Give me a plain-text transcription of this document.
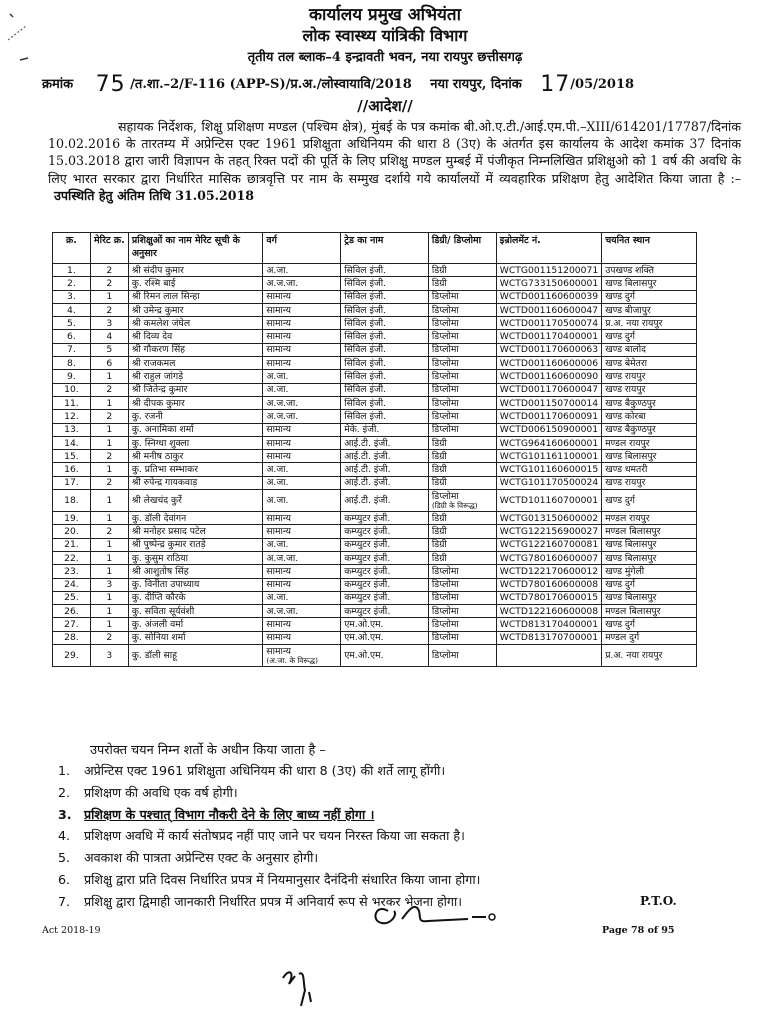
कार्यालय प्रमुख अभियंता
लोक स्वास्थ्य यांत्रिकी विभाग
तृतीय तल ब्लाक–4 इन्द्रावती भवन, नया रायपुर छत्तीसगढ़
क्रमांक 75 /त.शा.–2/F-116 (APP-S)/प्र.अ./लोस्वायावि/2018 नया रायपुर, दिनांक 17/05/2018
//आदेश//
सहायक निर्देशक, शिक्षु प्रशिक्षण मण्डल (पश्चिम क्षेत्र), मुंबई के पत्र कमांक बी.ओ.ए.टी./आई.एम.पी.–XIII/614201/17787/दिनांक 10.02.2016 के तारतम्य में अप्रेन्टिस एक्ट 1961 प्रशिक्षुता अधिनियम की धारा 8 (3ए) के अंतर्गत इस कार्यालय के आदेश कमांक 37 दिनांक 15.03.2018 द्वारा जारी विज्ञापन के तहत् रिक्त पदों की पूर्ति के लिए प्रशिक्षु मण्डल मुम्बई में पंजीकृत निम्नलिखित प्रशिक्षुओ को 1 वर्ष की अवधि के लिए भारत सरकार द्वारा निर्धारित मासिक छात्रवृत्ति पर नाम के सम्मुख दर्शाये गये कार्यालयों में व्यवहारिक प्रशिक्षण हेतु आदेशित किया जाता है :– उपस्थिति हेतु अंतिम तिथि 31.05.2018
क्र.	मेरिट क्र.	प्रशिक्षुओं का नाम मेरिट सूची के अनुसार	वर्ग	ट्रेड का नाम	डिग्री/ डिप्लोमा	इन्रोलमेंट नं.	चयनित स्थान
1.	2	श्री संदीप कुमार	अ.जा.	सिविल इंजी.	डिग्री	WCTG001151200071	उपखण्ड शक्ति
2.	2	कु. रश्मि बाई	अ.ज.जा.	सिविल इंजी.	डिग्री	WCTG733150600001	खण्ड बिलासपुर
3.	1	श्री रिमन लाल सिन्हा	सामान्य	सिविल इंजी.	डिप्लोमा	WCTD001160600039	खण्ड दुर्ग
4.	2	श्री उमेन्द्र कुमार	सामान्य	सिविल इंजी.	डिप्लोमा	WCTD001160600047	खण्ड बीजापुर
5.	3	श्री कमलेश जंघेल	सामान्य	सिविल इंजी.	डिप्लोमा	WCTD001170500074	प्र.अ. नया रायपुर
6.	4	श्री दिव्य देव	सामान्य	सिविल इंजी.	डिप्लोमा	WCTD001170400001	खण्ड दुर्ग
7.	5	श्री गौकरण सिंह	सामान्य	सिविल इंजी.	डिप्लोमा	WCTD001170600063	खण्ड बालोद
8.	6	श्री राजकमल	सामान्य	सिविल इंजी.	डिप्लोमा	WCTD001160600006	खण्ड बेमेतरा
9.	1	श्री राहुल जांगड़े	अ.जा.	सिविल इंजी.	डिप्लोमा	WCTD001160600090	खण्ड रायपुर
10.	2	श्री जितेन्द्र कुमार	अ.जा.	सिविल इंजी.	डिप्लोमा	WCTD001170600047	खण्ड रायपुर
11.	1	श्री दीपक कुमार	अ.ज.जा.	सिविल इंजी.	डिप्लोमा	WCTD001150700014	खण्ड बैकुण्ठपुर
12.	2	कु. रजनी	अ.ज.जा.	सिविल इंजी.	डिप्लोमा	WCTD001170600091	खण्ड कोरबा
13.	1	कु. अनामिका शर्मा	सामान्य	मेके. इंजी.	डिप्लोमा	WCTD006150900001	खण्ड बैकुण्ठपुर
14.	1	कु. स्निग्धा शुक्ला	सामान्य	आई.टी. इंजी.	डिग्री	WCTG964160600001	मण्डल रायपुर
15.	2	श्री मनीष ठाकुर	सामान्य	आई.टी. इंजी.	डिग्री	WCTG101161100001	खण्ड बिलासपुर
16.	1	कु. प्रतिभा सम्भाकर	अ.जा.	आई.टी. इंजी.	डिग्री	WCTG101160600015	खण्ड धमतरी
17.	2	श्री रुपेन्द्र गायकवाड़	अ.जा.	आई.टी. इंजी.	डिग्री	WCTG101170500024	खण्ड रायपुर
18.	1	श्री लेखचंद कुर्रे	अ.जा.	आई.टी. इंजी.	डिप्लोमा
(डिग्री के विरूद्ध)	WCTD101160700001	खण्ड दुर्ग
19.	1	कु. डॉली देवांगन	सामान्य	कम्प्युटर इंजी.	डिग्री	WCTG013150600002	मण्डल रायपुर
20.	2	श्री मनोहर प्रसाद पटेल	सामान्य	कम्प्युटर इंजी.	डिग्री	WCTG122156900027	मण्डल बिलासपुर
21.	1	श्री पुष्पेन्द्र कुमार रातड़े	अ.जा.	कम्प्युटर इंजी.	डिग्री	WCTG122160700081	खण्ड बिलासपुर
22.	1	कु. कुसुम राठिया	अ.ज.जा.	कम्प्युटर इंजी.	डिग्री	WCTG780160600007	खण्ड बिलासपुर
23.	1	श्री आशुतोष सिंह	सामान्य	कम्प्युटर इंजी.	डिप्लोमा	WCTD122170600012	खण्ड मुंगेली
24.	3	कु. विनीता उपाध्याय	सामान्य	कम्प्युटर इंजी.	डिप्लोमा	WCTD780160600008	खण्ड दुर्ग
25.	1	कु. दीप्ति कौरके	अ.जा.	कम्प्युटर इंजी.	डिप्लोमा	WCTD780170600015	खण्ड बिलासपुर
26.	1	कु. सविता सूर्यवंशी	अ.ज.जा.	कम्प्युटर इंजी.	डिप्लोमा	WCTD122160600008	मण्डल बिलासपुर
27.	1	कु. अंजली वर्मा	सामान्य	एम.ओ.एम.	डिप्लोमा	WCTD813170400001	खण्ड दुर्ग
28.	2	कु. सोनिया शर्मा	सामान्य	एम.ओ.एम.	डिप्लोमा	WCTD813170700001	मण्डल दुर्ग
29.	3	कु. डॉली साहू	सामान्य
(अ.जा. के विरूद्ध)	एम.ओ.एम.	डिप्लोमा		प्र.अ. नया रायपुर
उपरोक्त चयन निम्न शर्तो के अधीन किया जाता है –
1. अप्रेन्टिस एक्ट 1961 प्रशिक्षुता अधिनियम की धारा 8 (3ए) की शर्ते लागू होंगी।
2. प्रशिक्षण की अवधि एक वर्ष होगी।
3. प्रशिक्षण के पश्चात् विभाग नौकरी देने के लिए बाध्य नहीं होगा ।
4. प्रशिक्षण अवधि में कार्य संतोषप्रद नहीं पाए जाने पर चयन निरस्त किया जा सकता है।
5. अवकाश की पात्रता अप्रेन्टिस एक्ट के अनुसार होगी।
6. प्रशिक्षु द्वारा प्रति दिवस निर्धारित प्रपत्र में नियमानुसार दैनंदिनी संधारित किया जाना होगा।
7. प्रशिक्षु द्वारा द्विमाही जानकारी निर्धारित प्रपत्र में अनिवार्य रूप से भरकर भेजना होगा।	P.T.O.
Act 2018-19	Page 78 of 95
